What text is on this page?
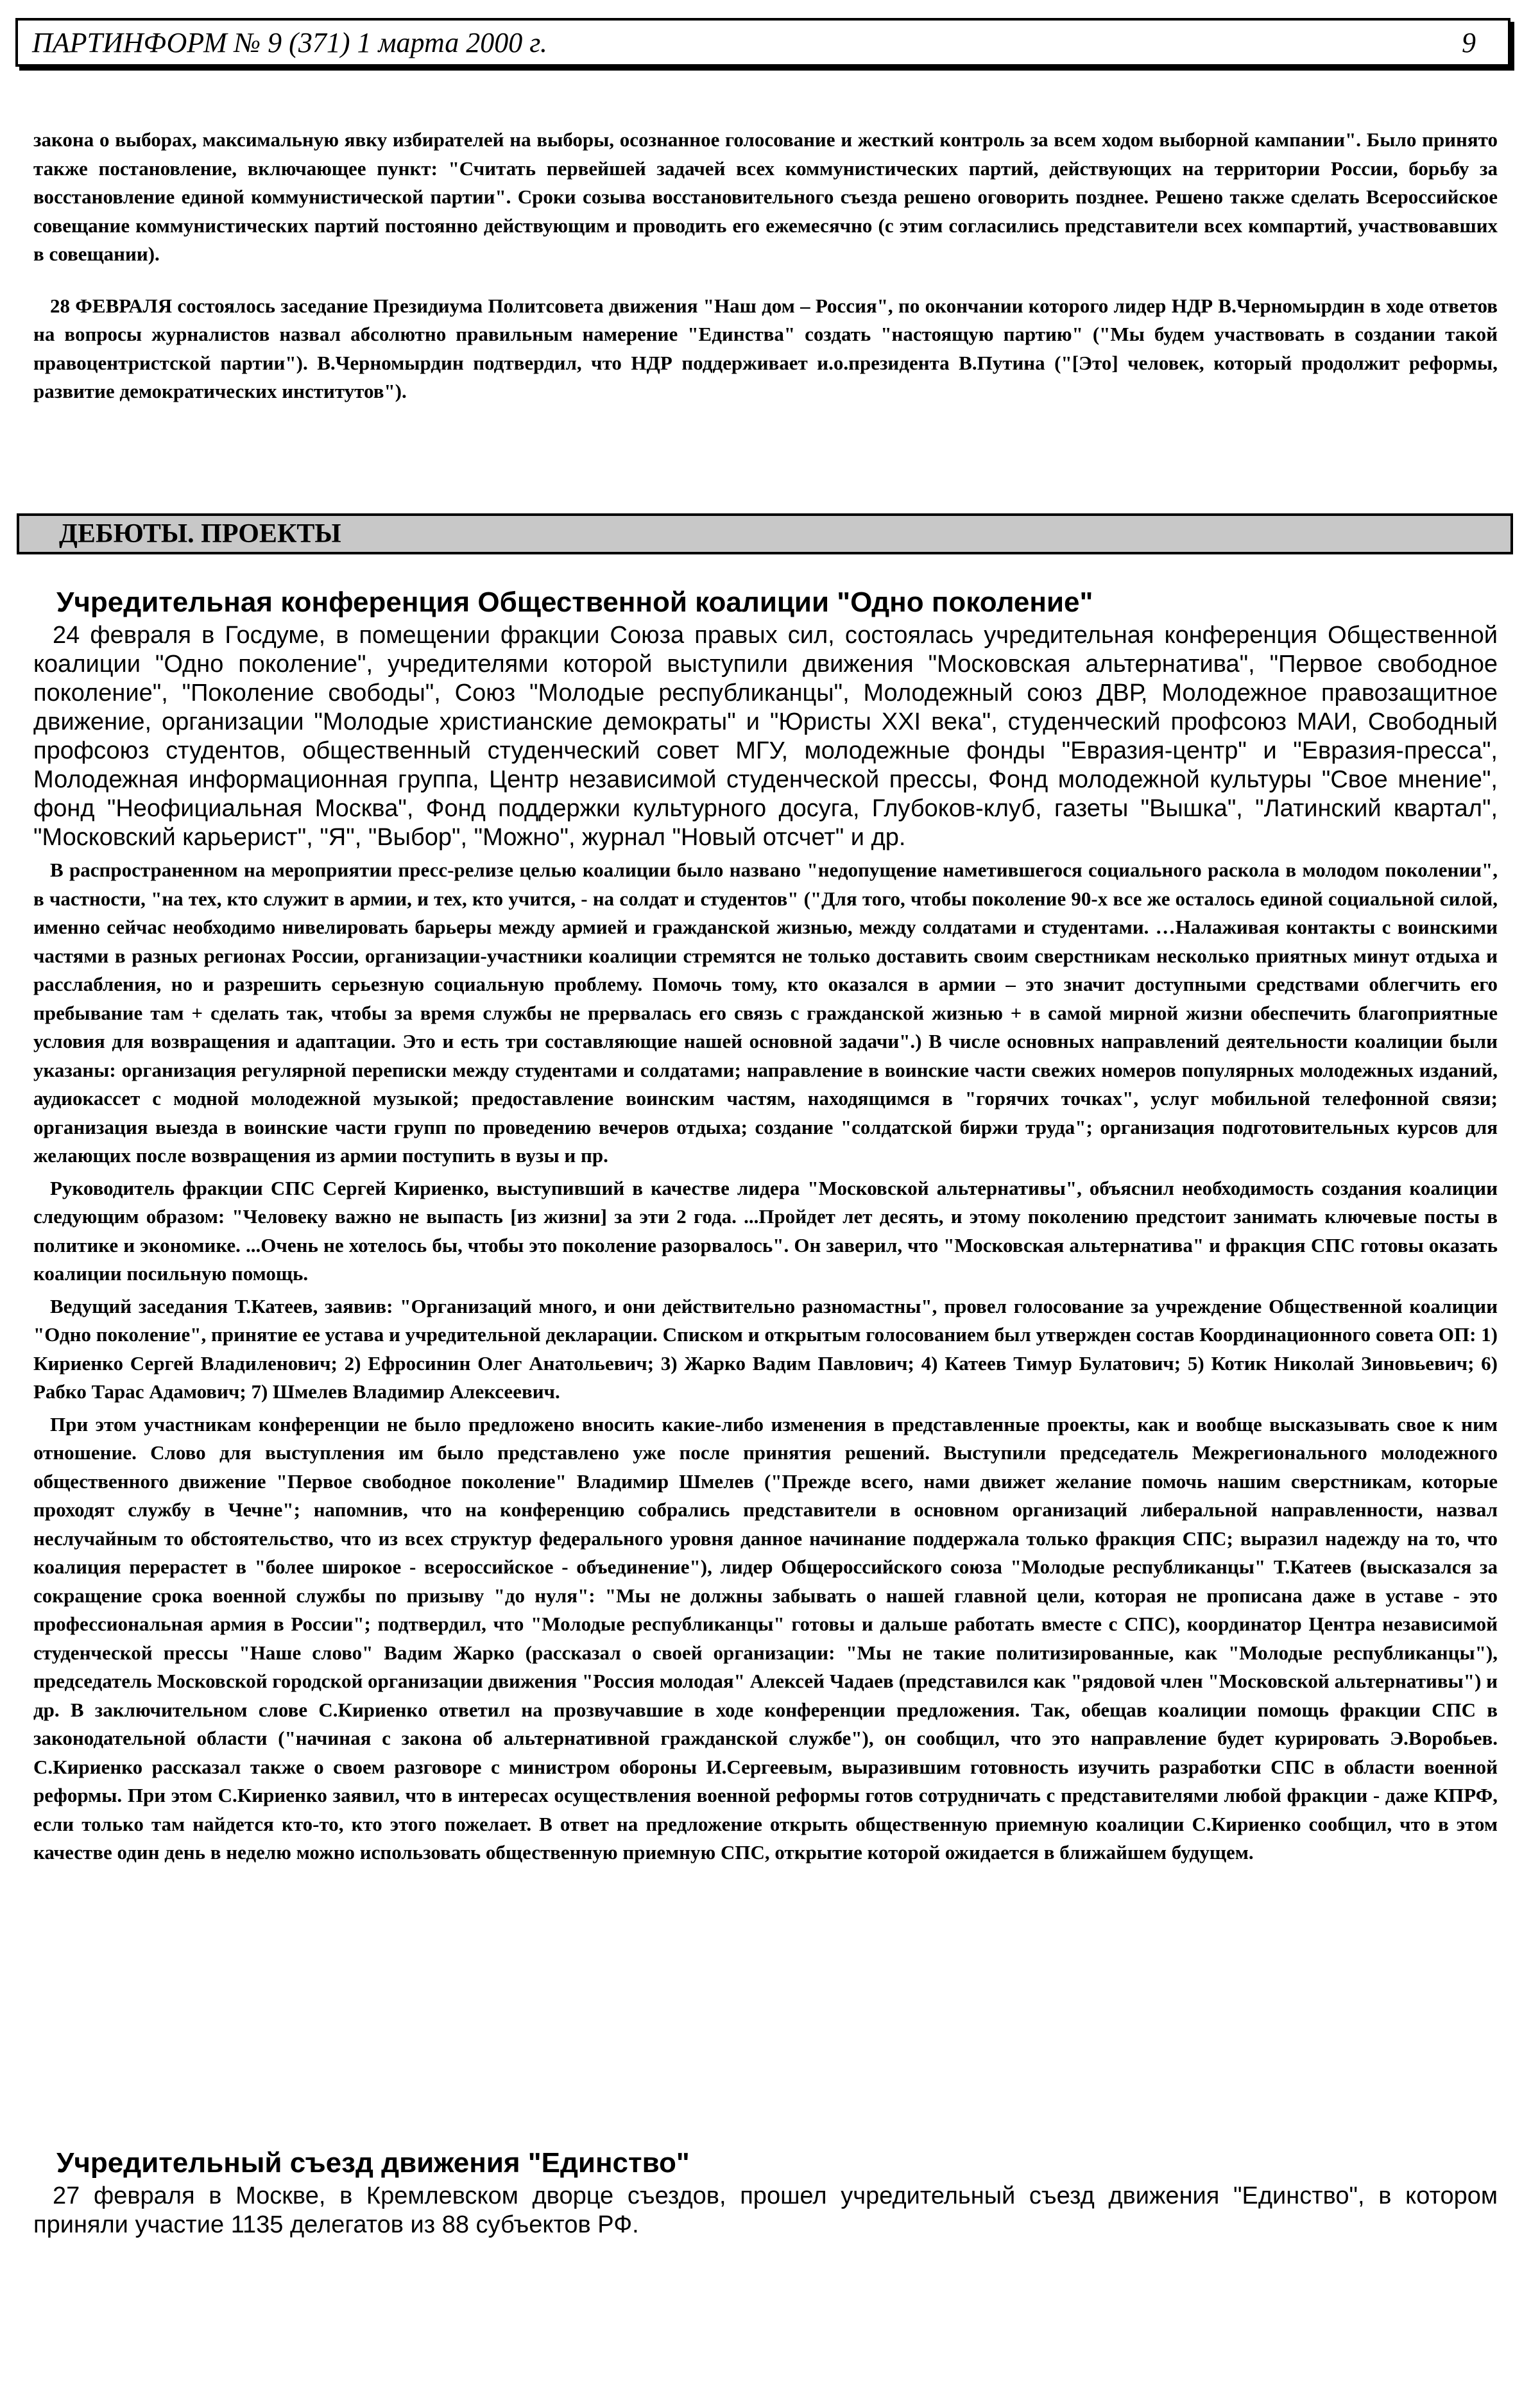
ПАРТИНФОРМ № 9 (371) 1 марта 2000 г.	9

закона о выборах, максимальную явку избирателей на выборы, осознанное голосование и жесткий контроль за всем ходом выборной кампании". Было принято также постановление, включающее пункт: "Считать первейшей задачей всех коммунистических партий, действующих на территории России, борьбу за восстановление единой коммунистической партии". Сроки созыва восстановительного съезда решено оговорить позднее. Решено также сделать Всероссийское совещание коммунистических партий постоянно действующим и проводить его ежемесячно (с этим согласились представители всех компартий, участвовавших в совещании).

28 ФЕВРАЛЯ состоялось заседание Президиума Политсовета движения "Наш дом – Россия", по окончании которого лидер НДР В.Черномырдин в ходе ответов на вопросы журналистов назвал абсолютно правильным намерение "Единства" создать "настоящую партию" ("Мы будем участвовать в создании такой правоцентристской партии"). В.Черномырдин подтвердил, что НДР поддерживает и.о.президента В.Путина ("[Это] человек, который продолжит реформы, развитие демократических институтов").

ДЕБЮТЫ. ПРОЕКТЫ
Учредительная конференция Общественной коалиции "Одно поколение"

24 февраля в Госдуме, в помещении фракции Союза правых сил, состоялась учредительная конференция Общественной коалиции "Одно поколение", учредителями которой выступили движения "Московская альтернатива", "Первое свободное поколение", "Поколение свободы", Союз "Молодые республиканцы", Молодежный союз ДВР, Молодежное правозащитное движение, организации "Молодые христианские демократы" и "Юристы XXI века", студенческий профсоюз МАИ, Свободный профсоюз студентов, общественный студенческий совет МГУ, молодежные фонды "Евразия-центр" и "Евразия-пресса", Молодежная информационная группа, Центр независимой студенческой прессы, Фонд молодежной культуры "Свое мнение", фонд "Неофициальная Москва", Фонд поддержки культурного досуга, Глубоков-клуб, газеты "Вышка", "Латинский квартал", "Московский карьерист", "Я", "Выбор", "Можно", журнал "Новый отсчет" и др.

В распространенном на мероприятии пресс-релизе целью коалиции было названо "недопущение наметившегося социального раскола в молодом поколении", в частности, "на тех, кто служит в армии, и тех, кто учится, - на солдат и студентов" ("Для того, чтобы поколение 90-х все же осталось единой социальной силой, именно сейчас необходимо нивелировать барьеры между армией и гражданской жизнью, между солдатами и студентами. …Налаживая контакты с воинскими частями в разных регионах России, организации-участники коалиции стремятся не только доставить своим сверстникам несколько приятных минут отдыха и расслабления, но и разрешить серьезную социальную проблему. Помочь тому, кто оказался в армии – это значит доступными средствами облегчить его пребывание там + сделать так, чтобы за время службы не прервалась его связь с гражданской жизнью + в самой мирной жизни обеспечить благоприятные условия для возвращения и адаптации. Это и есть три составляющие нашей основной задачи".) В числе основных направлений деятельности коалиции были указаны: организация регулярной переписки между студентами и солдатами; направление в воинские части свежих номеров популярных молодежных изданий, аудиокассет с модной молодежной музыкой; предоставление воинским частям, находящимся в "горячих точках", услуг мобильной телефонной связи; организация выезда в воинские части групп по проведению вечеров отдыха; создание "солдатской биржи труда"; организация подготовительных курсов для желающих после возвращения из армии поступить в вузы и пр.

Руководитель фракции СПС Сергей Кириенко, выступивший в качестве лидера "Московской альтернативы", объяснил необходимость создания коалиции следующим образом: "Человеку важно не выпасть [из жизни] за эти 2 года. ...Пройдет лет десять, и этому поколению предстоит занимать ключевые посты в политике и экономике. ...Очень не хотелось бы, чтобы это поколение разорвалось". Он заверил, что "Московская альтернатива" и фракция СПС готовы оказать коалиции посильную помощь.

Ведущий заседания Т.Катеев, заявив: "Организаций много, и они действительно разномастны", провел голосование за учреждение Общественной коалиции "Одно поколение", принятие ее устава и учредительной декларации. Списком и открытым голосованием был утвержден состав Координационного совета ОП: 1) Кириенко Сергей Владиленович; 2) Ефросинин Олег Анатольевич; 3) Жарко Вадим Павлович; 4) Катеев Тимур Булатович; 5) Котик Николай Зиновьевич; 6) Рабко Тарас Адамович; 7) Шмелев Владимир Алексеевич.

При этом участникам конференции не было предложено вносить какие-либо изменения в представленные проекты, как и вообще высказывать свое к ним отношение. Слово для выступления им было представлено уже после принятия решений. Выступили председатель Межрегионального молодежного общественного движение "Первое свободное поколение" Владимир Шмелев ("Прежде всего, нами движет желание помочь нашим сверстникам, которые проходят службу в Чечне"; напомнив, что на конференцию собрались представители в основном организаций либеральной направленности, назвал неслучайным то обстоятельство, что из всех структур федерального уровня данное начинание поддержала только фракция СПС; выразил надежду на то, что коалиция перерастет в "более широкое - всероссийское - объединение"), лидер Общероссийского союза "Молодые республиканцы" Т.Катеев (высказался за сокращение срока военной службы по призыву "до нуля": "Мы не должны забывать о нашей главной цели, которая не прописана даже в уставе - это профессиональная армия в России"; подтвердил, что "Молодые республиканцы" готовы и дальше работать вместе с СПС), координатор Центра независимой студенческой прессы "Наше слово" Вадим Жарко (рассказал о своей организации: "Мы не такие политизированные, как "Молодые республиканцы"), председатель Московской городской организации движения "Россия молодая" Алексей Чадаев (представился как "рядовой член "Московской альтернативы") и др. В заключительном слове С.Кириенко ответил на прозвучавшие в ходе конференции предложения. Так, обещав коалиции помощь фракции СПС в законодательной области ("начиная с закона об альтернативной гражданской службе"), он сообщил, что это направление будет курировать Э.Воробьев. С.Кириенко рассказал также о своем разговоре с министром обороны И.Сергеевым, выразившим готовность изучить разработки СПС в области военной реформы. При этом С.Кириенко заявил, что в интересах осуществления военной реформы готов сотрудничать с представителями любой фракции - даже КПРФ, если только там найдется кто-то, кто этого пожелает. В ответ на предложение открыть общественную приемную коалиции С.Кириенко сообщил, что в этом качестве один день в неделю можно использовать общественную приемную СПС, открытие которой ожидается в ближайшем будущем.

Учредительный съезд движения "Единство"

27 февраля в Москве, в Кремлевском дворце съездов, прошел учредительный съезд движения "Единство", в котором приняли участие 1135 делегатов из 88 субъектов РФ.
